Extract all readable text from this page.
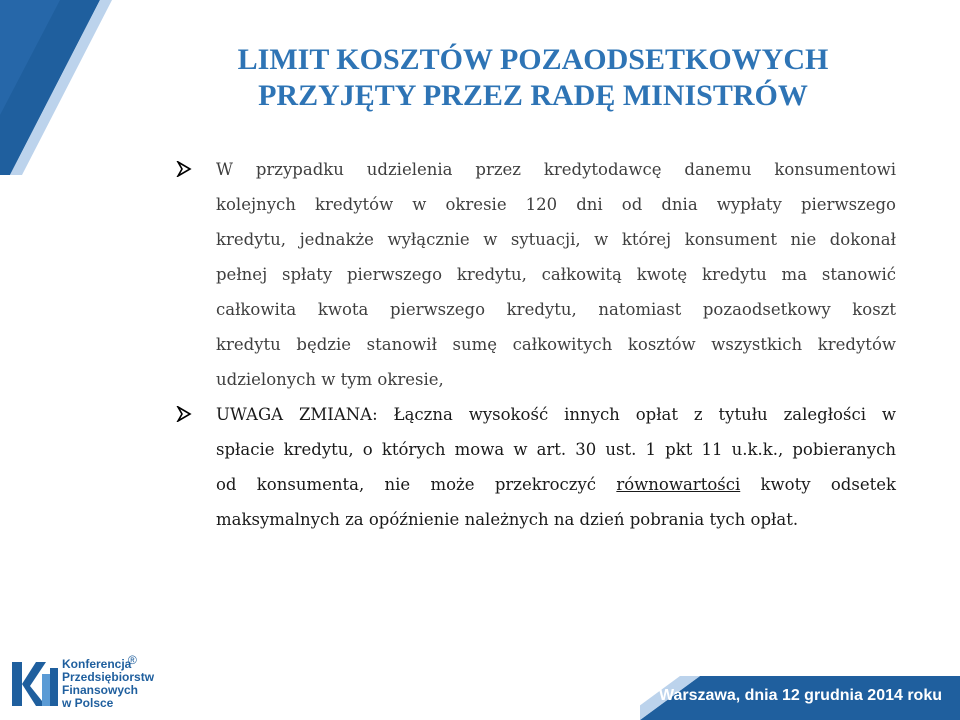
LIMIT KOSZTÓW POZAODSETKOWYCH
PRZYJĘTY PRZEZ RADĘ MINISTRÓW
W przypadku udzielenia przez kredytodawcę danemu konsumentowi
kolejnych kredytów w okresie 120 dni od dnia wypłaty pierwszego
kredytu, jednakże wyłącznie w sytuacji, w której konsument nie dokonał
pełnej spłaty pierwszego kredytu, całkowitą kwotę kredytu ma stanowić
całkowita kwota pierwszego kredytu, natomiast pozaodsetkowy koszt
kredytu będzie stanowił sumę całkowitych kosztów wszystkich kredytów
udzielonych w tym okresie,
UWAGA ZMIANA: Łączna wysokość innych opłat z tytułu zaległości w
spłacie kredytu, o których mowa w art. 30 ust. 1 pkt 11 u.k.k., pobieranych
od konsumenta, nie może przekroczyć równowartości kwoty odsetek
maksymalnych za opóźnienie należnych na dzień pobrania tych opłat.
Konferencja
Przedsiębiorstw
Finansowych
w Polsce
®
Warszawa, dnia 12 grudnia 2014 roku
